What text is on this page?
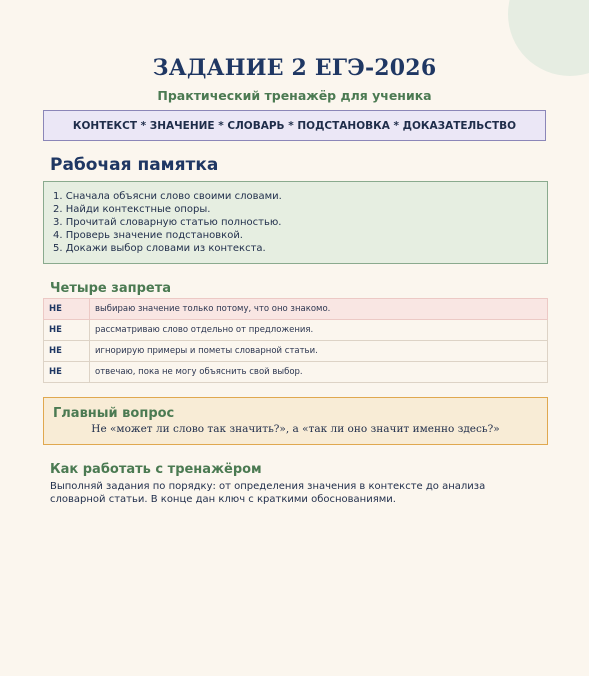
ЗАДАНИЕ 2 ЕГЭ-2026
Практический тренажёр для ученика
КОНТЕКСТ * ЗНАЧЕНИЕ * СЛОВАРЬ * ПОДСТАНОВКА * ДОКАЗАТЕЛЬСТВО
Рабочая памятка
1. Сначала объясни слово своими словами.
2. Найди контекстные опоры.
3. Прочитай словарную статью полностью.
4. Проверь значение подстановкой.
5. Докажи выбор словами из контекста.
Четыре запрета
НЕ	выбираю значение только потому, что оно знакомо.
НЕ	рассматриваю слово отдельно от предложения.
НЕ	игнорирую примеры и пометы словарной статьи.
НЕ	отвечаю, пока не могу объяснить свой выбор.
Главный вопрос
Не «может ли слово так значить?», а «так ли оно значит именно здесь?»
Как работать с тренажёром
Выполняй задания по порядку: от определения значения в контексте до анализа словарной статьи. В конце дан ключ с краткими обоснованиями.
